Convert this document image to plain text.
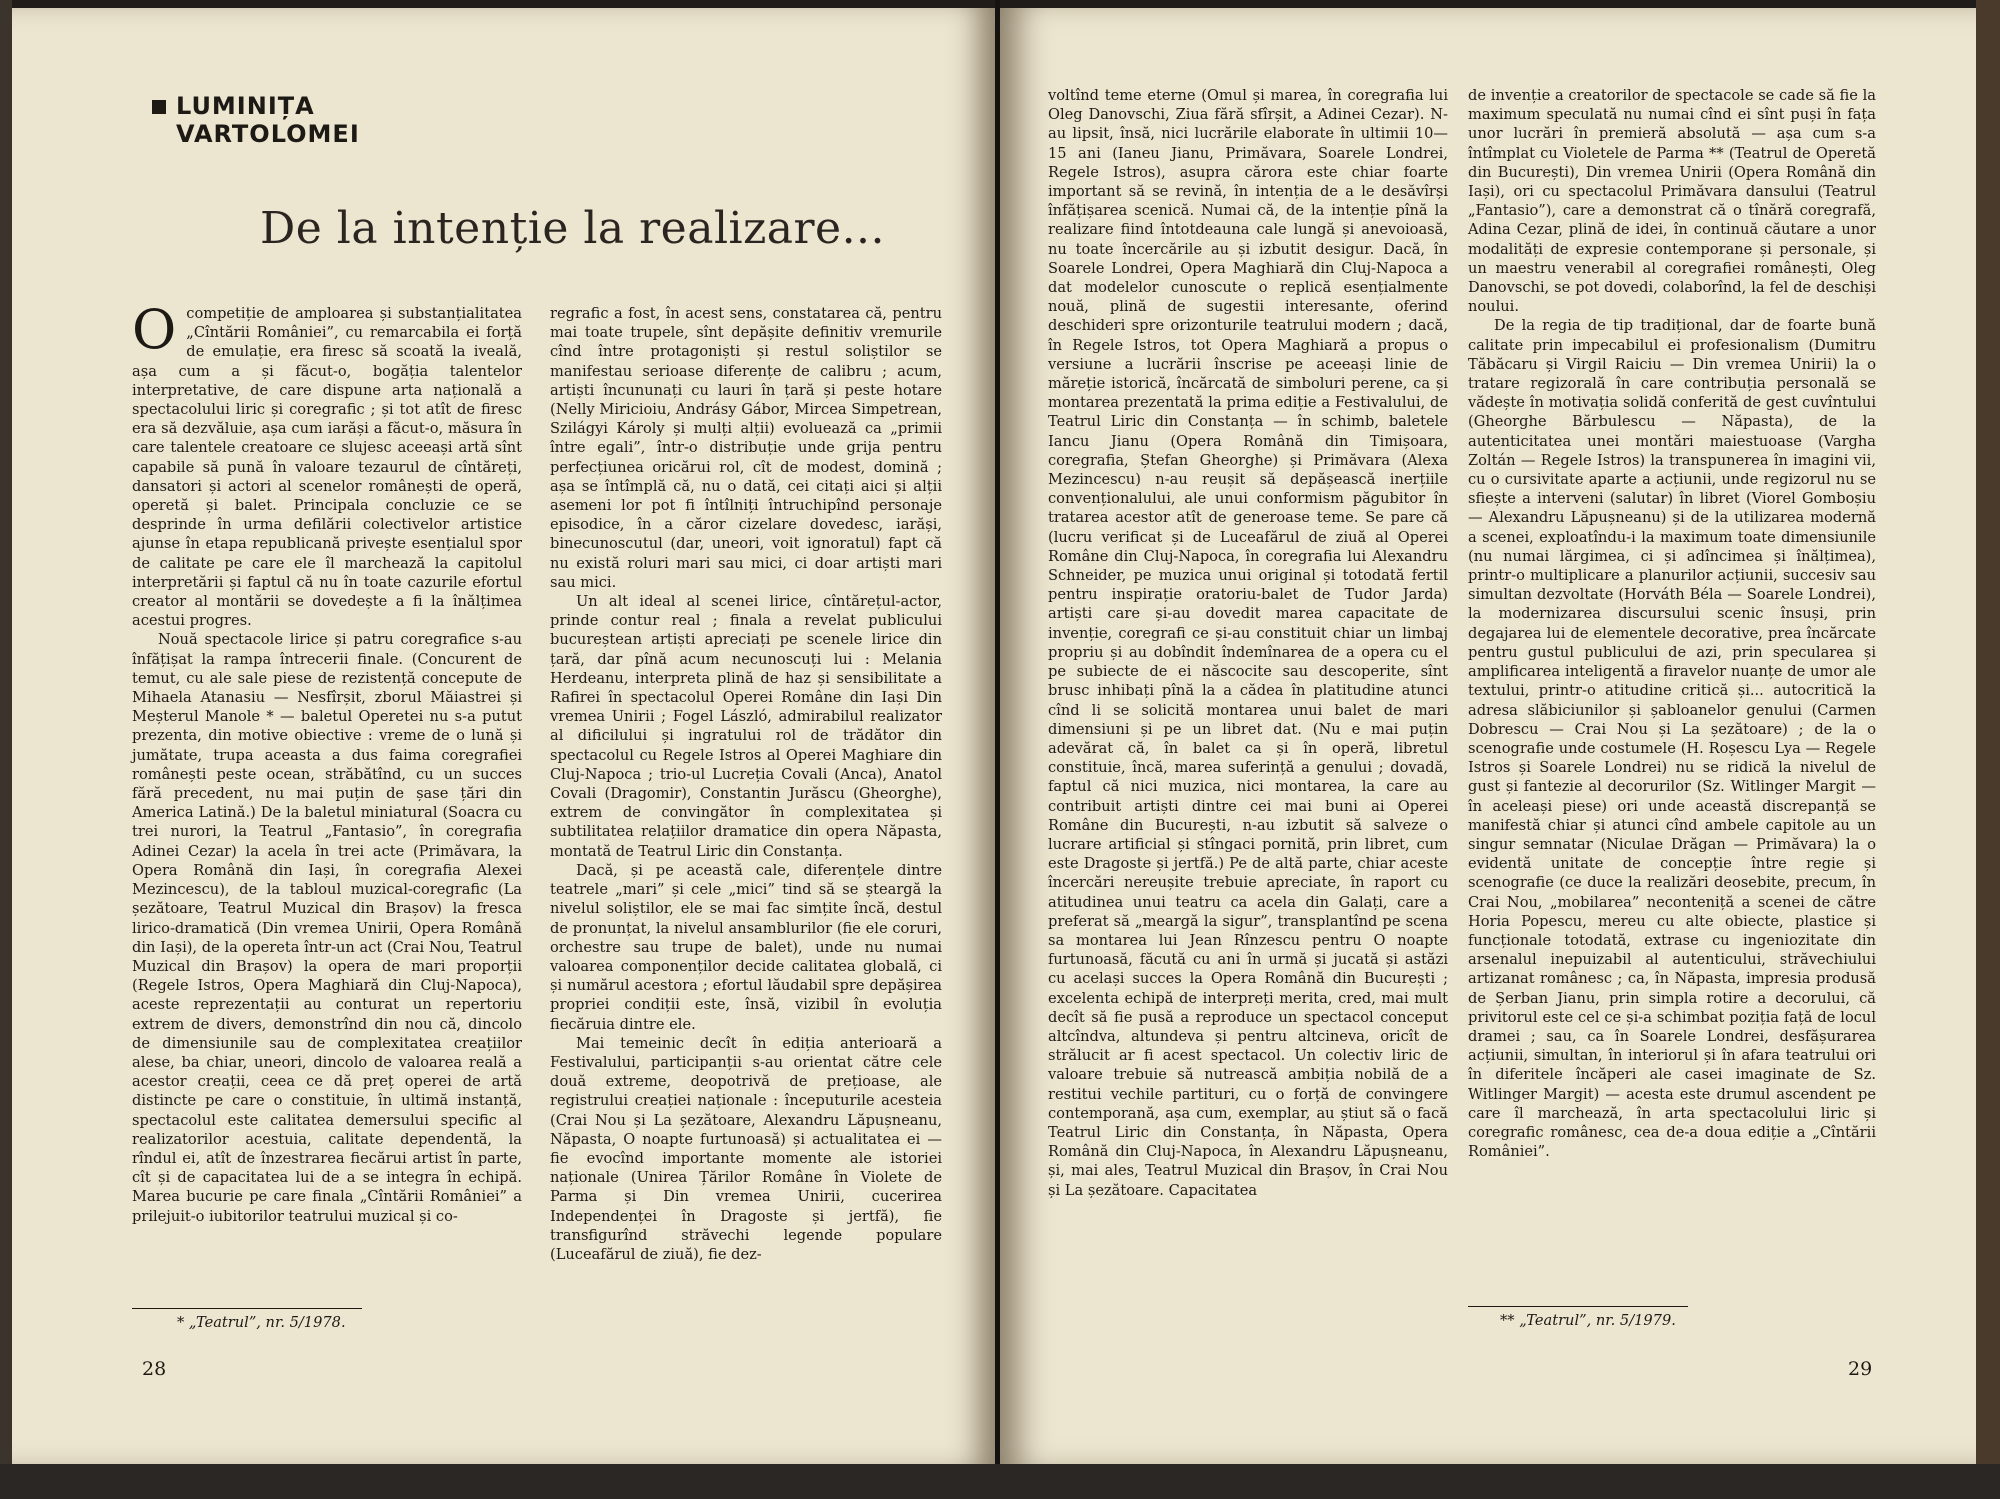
LUMINIȚA
VARTOLOMEI
De la intenție la realizare...

Ocompetiție de amploarea și substanțialitatea „Cîntării României”, cu remarcabila ei forță de emulație, era firesc să scoată la iveală, așa cum a și făcut-o, bogăția talentelor interpretative, de care dispune arta națională a spectacolului liric și coregrafic ; și tot atît de firesc era să dezvăluie, așa cum iarăși a făcut-o, măsura în care talentele creatoare ce slujesc aceeași artă sînt capabile să pună în valoare tezaurul de cîntăreți, dansatori și actori al scenelor românești de operă, operetă și balet. Principala concluzie ce se desprinde în urma defilării colectivelor artistice ajunse în etapa republicană privește esențialul spor de calitate pe care ele îl marchează la capitolul interpretării și faptul că nu în toate cazurile efortul creator al montării se dovedește a fi la înălțimea acestui progres.

Nouă spectacole lirice și patru coregrafice s-au înfățișat la rampa întrecerii finale. (Concurent de temut, cu ale sale piese de rezistență concepute de Mihaela Atanasiu — Nesfîrșit, zborul Măiastrei și Meșterul Manole * — baletul Operetei nu s-a putut prezenta, din motive obiective : vreme de o lună și jumătate, trupa aceasta a dus faima coregrafiei românești peste ocean, străbătînd, cu un succes fără precedent, nu mai puțin de șase țări din America Latină.) De la baletul miniatural (Soacra cu trei nurori, la Teatrul „Fantasio”, în coregrafia Adinei Cezar) la acela în trei acte (Primăvara, la Opera Română din Iași, în coregrafia Alexei Mezincescu), de la tabloul muzical-coregrafic (La șezătoare, Teatrul Muzical din Brașov) la fresca lirico-dramatică (Din vremea Unirii, Opera Română din Iași), de la opereta într-un act (Crai Nou, Teatrul Muzical din Brașov) la opera de mari proporții (Regele Istros, Opera Maghiară din Cluj-Napoca), aceste reprezentații au conturat un repertoriu extrem de divers, demonstrînd din nou că, dincolo de dimensiunile sau de complexitatea creațiilor alese, ba chiar, uneori, dincolo de valoarea reală a acestor creații, ceea ce dă preț operei de artă distincte pe care o constituie, în ultimă instanță, spectacolul este calitatea demersului specific al realizatorilor acestuia, calitate dependentă, la rîndul ei, atît de înzestrarea fiecărui artist în parte, cît și de capacitatea lui de a se integra în echipă. Marea bucurie pe care finala „Cîntării României” a prilejuit-o iubitorilor teatrului muzical și co-

regrafic a fost, în acest sens, constatarea că, pentru mai toate trupele, sînt depășite definitiv vremurile cînd între protagoniști și restul soliștilor se manifestau serioase diferențe de calibru ; acum, artiști încununați cu lauri în țară și peste hotare (Nelly Miricioiu, Andrásy Gábor, Mircea Simpetrean, Szilágyi Károly și mulți alții) evoluează ca „primii între egali”, într-o distribuție unde grija pentru perfecțiunea oricărui rol, cît de modest, domină ; așa se întîmplă că, nu o dată, cei citați aici și alții asemeni lor pot fi întîlniți întruchipînd personaje episodice, în a căror cizelare dovedesc, iarăși, binecunoscutul (dar, uneori, voit ignoratul) fapt că nu există roluri mari sau mici, ci doar artiști mari sau mici.

Un alt ideal al scenei lirice, cîntărețul-actor, prinde contur real ; finala a revelat publicului bucureștean artiști apreciați pe scenele lirice din țară, dar pînă acum necunoscuți lui : Melania Herdeanu, interpreta plină de haz și sensibilitate a Rafirei în spectacolul Operei Române din Iași Din vremea Unirii ; Fogel László, admirabilul realizator al dificilului și ingratului rol de trădător din spectacolul cu Regele Istros al Operei Maghiare din Cluj-Napoca ; trio-ul Lucreția Covali (Anca), Anatol Covali (Dragomir), Constantin Jurăscu (Gheorghe), extrem de convingător în complexitatea și subtilitatea relațiilor dramatice din opera Năpasta, montată de Teatrul Liric din Constanța.

Dacă, și pe această cale, diferențele dintre teatrele „mari” și cele „mici” tind să se șteargă la nivelul soliștilor, ele se mai fac simțite încă, destul de pronunțat, la nivelul ansamblurilor (fie ele coruri, orchestre sau trupe de balet), unde nu numai valoarea componenților decide calitatea globală, ci și numărul acestora ; efortul lăudabil spre depășirea propriei condiții este, însă, vizibil în evoluția fiecăruia dintre ele.

Mai temeinic decît în ediția anterioară a Festivalului, participanții s-au orientat către cele două extreme, deopotrivă de prețioase, ale registrului creației naționale : începuturile acesteia (Crai Nou și La șezătoare, Alexandru Lăpușneanu, Năpasta, O noapte furtunoasă) și actualitatea ei — fie evocînd importante momente ale istoriei naționale (Unirea Țărilor Române în Violete de Parma și Din vremea Unirii, cucerirea Independenței în Dragoste și jertfă), fie transfigurînd străvechi legende populare (Luceafărul de ziuă), fie dez-

* „Teatrul”, nr. 5/1978.
28

voltînd teme eterne (Omul și marea, în coregrafia lui Oleg Danovschi, Ziua fără sfîrșit, a Adinei Cezar). N-au lipsit, însă, nici lucrările elaborate în ultimii 10—15 ani (Ianeu Jianu, Primăvara, Soarele Londrei, Regele Istros), asupra cărora este chiar foarte important să se revină, în intenția de a le desăvîrși înfățișarea scenică. Numai că, de la intenție pînă la realizare fiind întotdeauna cale lungă și anevoioasă, nu toate încercările au și izbutit desigur. Dacă, în Soarele Londrei, Opera Maghiară din Cluj-Napoca a dat modelelor cunoscute o replică esențialmente nouă, plină de sugestii interesante, oferind deschideri spre orizonturile teatrului modern ; dacă, în Regele Istros, tot Opera Maghiară a propus o versiune a lucrării înscrise pe aceeași linie de măreție istorică, încărcată de simboluri perene, ca și montarea prezentată la prima ediție a Festivalului, de Teatrul Liric din Constanța — în schimb, baletele Iancu Jianu (Opera Română din Timișoara, coregrafia, Ștefan Gheorghe) și Primăvara (Alexa Mezincescu) n-au reușit să depășească inerțiile convenționalului, ale unui conformism păgubitor în tratarea acestor atît de generoase teme. Se pare că (lucru verificat și de Luceafărul de ziuă al Operei Române din Cluj-Napoca, în coregrafia lui Alexandru Schneider, pe muzica unui original și totodată fertil pentru inspirație oratoriu-balet de Tudor Jarda) artiști care și-au dovedit marea capacitate de invenție, coregrafi ce și-au constituit chiar un limbaj propriu și au dobîndit îndemînarea de a opera cu el pe subiecte de ei născocite sau descoperite, sînt brusc inhibați pînă la a cădea în platitudine atunci cînd li se solicită montarea unui balet de mari dimensiuni și pe un libret dat. (Nu e mai puțin adevărat că, în balet ca și în operă, libretul constituie, încă, marea suferință a genului ; dovadă, faptul că nici muzica, nici montarea, la care au contribuit artiști dintre cei mai buni ai Operei Române din București, n-au izbutit să salveze o lucrare artificial și stîngaci pornită, prin libret, cum este Dragoste și jertfă.) Pe de altă parte, chiar aceste încercări nereușite trebuie apreciate, în raport cu atitudinea unui teatru ca acela din Galați, care a preferat să „meargă la sigur”, transplantînd pe scena sa montarea lui Jean Rînzescu pentru O noapte furtunoasă, făcută cu ani în urmă și jucată și astăzi cu același succes la Opera Română din București ; excelenta echipă de interpreți merita, cred, mai mult decît să fie pusă a reproduce un spectacol conceput altcîndva, altundeva și pentru altcineva, oricît de strălucit ar fi acest spectacol. Un colectiv liric de valoare trebuie să nutrească ambiția nobilă de a restitui vechile partituri, cu o forță de convingere contemporană, așa cum, exemplar, au știut să o facă Teatrul Liric din Constanța, în Năpasta, Opera Română din Cluj-Napoca, în Alexandru Lăpușneanu, și, mai ales, Teatrul Muzical din Brașov, în Crai Nou și La șezătoare. Capacitatea

de invenție a creatorilor de spectacole se cade să fie la maximum speculată nu numai cînd ei sînt puși în fața unor lucrări în premieră absolută — așa cum s-a întîmplat cu Violetele de Parma ** (Teatrul de Operetă din București), Din vremea Unirii (Opera Română din Iași), ori cu spectacolul Primăvara dansului (Teatrul „Fantasio”), care a demonstrat că o tînără coregrafă, Adina Cezar, plină de idei, în continuă căutare a unor modalități de expresie contemporane și personale, și un maestru venerabil al coregrafiei românești, Oleg Danovschi, se pot dovedi, colaborînd, la fel de deschiși noului.

De la regia de tip tradițional, dar de foarte bună calitate prin impecabilul ei profesionalism (Dumitru Tăbăcaru și Virgil Raiciu — Din vremea Unirii) la o tratare regizorală în care contribuția personală se vădește în motivația solidă conferită de gest cuvîntului (Gheorghe Bărbulescu — Năpasta), de la autenticitatea unei montări maiestuoase (Vargha Zoltán — Regele Istros) la transpunerea în imagini vii, cu o cursivitate aparte a acțiunii, unde regizorul nu se sfiește a interveni (salutar) în libret (Viorel Gomboșiu — Alexandru Lăpușneanu) și de la utilizarea modernă a scenei, exploatîndu-i la maximum toate dimensiunile (nu numai lărgimea, ci și adîncimea și înălțimea), printr-o multiplicare a planurilor acțiunii, succesiv sau simultan dezvoltate (Horváth Béla — Soarele Londrei), la modernizarea discursului scenic însuși, prin degajarea lui de elementele decorative, prea încărcate pentru gustul publicului de azi, prin specularea și amplificarea inteligentă a firavelor nuanțe de umor ale textului, printr-o atitudine critică și... autocritică la adresa slăbiciunilor și șabloanelor genului (Carmen Dobrescu — Crai Nou și La șezătoare) ; de la o scenografie unde costumele (H. Roșescu Lya — Regele Istros și Soarele Londrei) nu se ridică la nivelul de gust și fantezie al decorurilor (Sz. Witlinger Margit — în aceleași piese) ori unde această discrepanță se manifestă chiar și atunci cînd ambele capitole au un singur semnatar (Niculae Drăgan — Primăvara) la o evidentă unitate de concepție între regie și scenografie (ce duce la realizări deosebite, precum, în Crai Nou, „mobilarea” neconteniță a scenei de către Horia Popescu, mereu cu alte obiecte, plastice și funcționale totodată, extrase cu ingeniozitate din arsenalul inepuizabil al autenticului, străvechiului artizanat românesc ; ca, în Năpasta, impresia produsă de Șerban Jianu, prin simpla rotire a decorului, că privitorul este cel ce și-a schimbat poziția față de locul dramei ; sau, ca în Soarele Londrei, desfășurarea acțiunii, simultan, în interiorul și în afara teatrului ori în diferitele încăperi ale casei imaginate de Sz. Witlinger Margit) — acesta este drumul ascendent pe care îl marchează, în arta spectacolului liric și coregrafic românesc, cea de-a doua ediție a „Cîntării României”.

** „Teatrul”, nr. 5/1979.
29
